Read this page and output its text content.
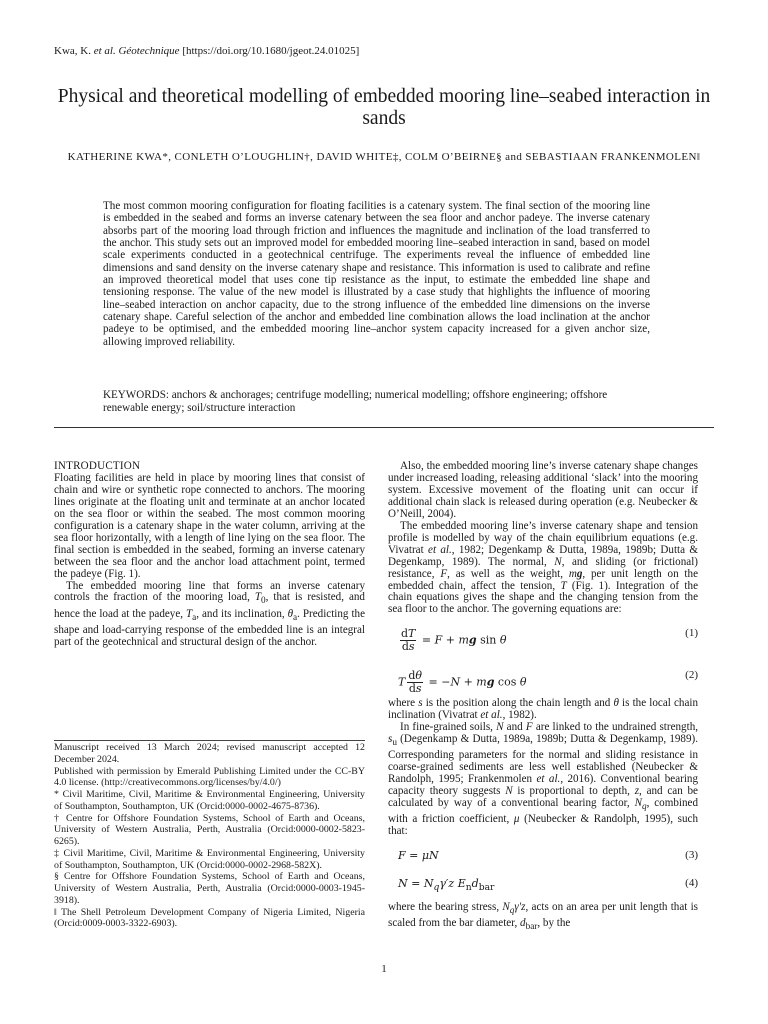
Kwa, K. et al. Géotechnique [https://doi.org/10.1680/jgeot.24.01025]
Physical and theoretical modelling of embedded mooring line–seabed interaction in sands
KATHERINE KWA*, CONLETH O’LOUGHLIN†, DAVID WHITE‡, COLM O’BEIRNE§ and SEBASTIAAN FRANKENMOLEN‖

The most common mooring configuration for floating facilities is a catenary system. The final section of the mooring line is embedded in the seabed and forms an inverse catenary between the sea floor and anchor padeye. The inverse catenary absorbs part of the mooring load through friction and influences the magnitude and inclination of the load transferred to the anchor. This study sets out an improved model for embedded mooring line–seabed interaction in sand, based on model scale experiments conducted in a geotechnical centrifuge. The experiments reveal the influence of embedded line dimensions and sand density on the inverse catenary shape and resistance. This information is used to calibrate and refine an improved theoretical model that uses cone tip resistance as the input, to estimate the embedded line shape and tensioning response. The value of the new model is illustrated by a case study that highlights the influence of mooring line–seabed interaction on anchor capacity, due to the strong influence of the embedded line dimensions on the inverse catenary shape. Careful selection of the anchor and embedded line combination allows the load inclination at the anchor padeye to be optimised, and the embedded mooring line–anchor system capacity increased for a given anchor size, allowing improved reliability.

KEYWORDS: anchors & anchorages; centrifuge modelling; numerical modelling; offshore engineering; offshore renewable energy; soil/structure interaction
INTRODUCTION

Floating facilities are held in place by mooring lines that consist of chain and wire or synthetic rope connected to anchors. The mooring lines originate at the floating unit and terminate at an anchor located on the sea floor or within the seabed. The most common mooring configuration is a catenary shape in the water column, arriving at the sea floor horizontally, with a length of line lying on the sea floor. The final section is embedded in the seabed, forming an inverse catenary between the sea floor and the anchor load attachment point, termed the padeye (Fig. 1).

The embedded mooring line that forms an inverse catenary controls the fraction of the mooring load, $T_0$, that is resisted, and hence the load at the padeye, $T_a$, and its inclination, $\theta_a$. Predicting the shape and load-carrying response of the embedded line is an integral part of the geotechnical and structural design of the anchor.

Manuscript received 13 March 2024; revised manuscript accepted 12 December 2024.

Published with permission by Emerald Publishing Limited under the CC-BY 4.0 license. (http://creativecommons.org/licenses/by/4.0/)

* Civil Maritime, Civil, Maritime & Environmental Engineering, University of Southampton, Southampton, UK (Orcid:0000-0002-4675-8736).

† Centre for Offshore Foundation Systems, School of Earth and Oceans, University of Western Australia, Perth, Australia (Orcid:0000-0002-5823-6265).

‡ Civil Maritime, Civil, Maritime & Environmental Engineering, University of Southampton, Southampton, UK (Orcid:0000-0002-2968-582X).

§ Centre for Offshore Foundation Systems, School of Earth and Oceans, University of Western Australia, Perth, Australia (Orcid:0000-0003-1945-3918).

‖ The Shell Petroleum Development Company of Nigeria Limited, Nigeria (Orcid:0009-0003-3322-6903).

Also, the embedded mooring line’s inverse catenary shape changes under increased loading, releasing additional ‘slack’ into the mooring system. Excessive movement of the floating unit can occur if additional chain slack is released during operation (e.g. Neubecker & O’Neill, 2004).

The embedded mooring line’s inverse catenary shape and tension profile is modelled by way of the chain equilibrium equations (e.g. Vivatrat et al., 1982; Degenkamp & Dutta, 1989a, 1989b; Dutta & Degenkamp, 1989). The normal, N, and sliding (or frictional) resistance, F, as well as the weight, mg, per unit length on the embedded chain, affect the tension, T (Fig. 1). Integration of the chain equations gives the shape and the changing tension from the sea floor to the anchor. The governing equations are:

$\frac{dT}{ds} = F$ + mg sin θ
(1)
T $\frac{d\theta}{ds} = -N$ + mg cos θ
(2)

where s is the position along the chain length and θ is the local chain inclination (Vivatrat et al., 1982).

In fine-grained soils, N and F are linked to the undrained strength, $s_u$ (Degenkamp & Dutta, 1989a, 1989b; Dutta & Degenkamp, 1989). Corresponding parameters for the normal and sliding resistance in coarse-grained sediments are less well established (Neubecker & Randolph, 1995; Frankenmolen et al., 2016). Conventional bearing capacity theory suggests N is proportional to depth, z, and can be calculated by way of a conventional bearing factor, $N_q$, combined with a friction coefficient, μ (Neubecker & Randolph, 1995), such that:

F = μN	(3)
$N = N_q\gamma'z$ $E_nd_{bar}$	(4)

where the bearing stress, $N_q\gamma'z$, acts on an area per unit length that is scaled from the bar diameter, $d_{bar}$, by the

1
